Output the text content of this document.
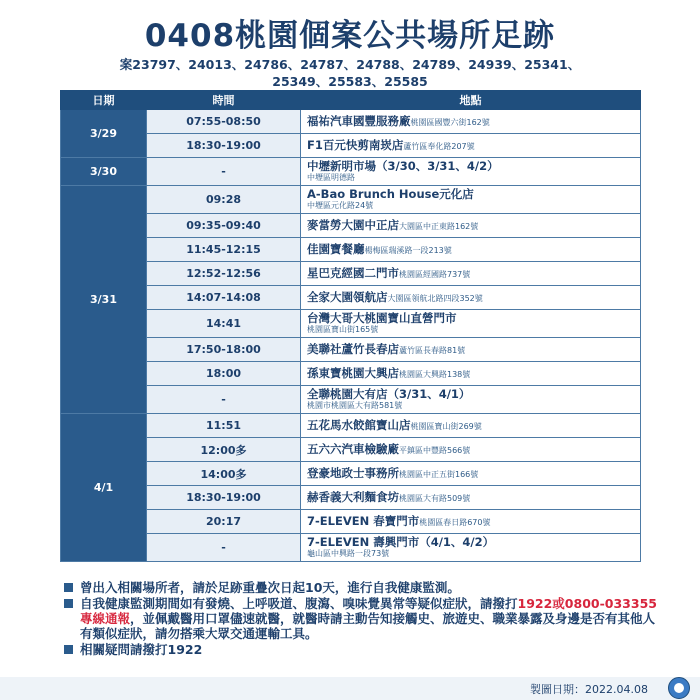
0408桃園個案公共場所足跡
案23797、24013、24786、24787、24788、24789、24939、25341、
25349、25583、25585
日期	時間	地點
3/29	07:55-08:50	福祐汽車國豐服務廠桃園區國豐六街162號
	18:30-19:00	F1百元快剪南崁店蘆竹區奉化路207號
3/30	-	中壢新明市場（3/30、3/31、4/2）
中壢區明德路

3/31	09:28	A-Bao Brunch House元化店
中壢區元化路24號

	09:35-09:40	麥當勞大園中正店大園區中正東路162號
	11:45-12:15	佳園寶餐廳楊梅區瑞溪路一段213號
	12:52-12:56	星巴克經國二門市桃園區經國路737號
	14:07-14:08	全家大園領航店大園區領航北路四段352號
	14:41	台灣大哥大桃園寶山直營門市
桃園區寶山街165號

	17:50-18:00	美聯社蘆竹長春店蘆竹區長春路81號
	18:00	孫東寶桃園大興店桃園區大興路138號
	-	全聯桃園大有店（3/31、4/1）
桃園市桃園區大有路581號

4/1	11:51	五花馬水餃館寶山店桃園區寶山街269號
	12:00多	五六六汽車檢驗廠平鎮區中豐路566號
	14:00多	登豪地政士事務所桃園區中正五街166號
	18:30-19:00	赫香義大利麵食坊桃園區大有路509號
	20:17	7-ELEVEN 春寶門市桃園區春日路670號
	-	7-ELEVEN 壽興門市（4/1、4/2）
龜山區中興路一段73號
曾出入相關場所者，請於足跡重疊次日起10天，進行自我健康監測。
自我健康監測期間如有發燒、上呼吸道、腹瀉、嗅味覺異常等疑似症狀，請撥打1922或0800-033355專線通報，並佩戴醫用口罩儘速就醫，就醫時請主動告知接觸史、旅遊史、職業暴露及身邊是否有其他人有類似症狀，請勿搭乘大眾交通運輸工具。
相關疑問請撥打1922
製圖日期：2022.04.08
